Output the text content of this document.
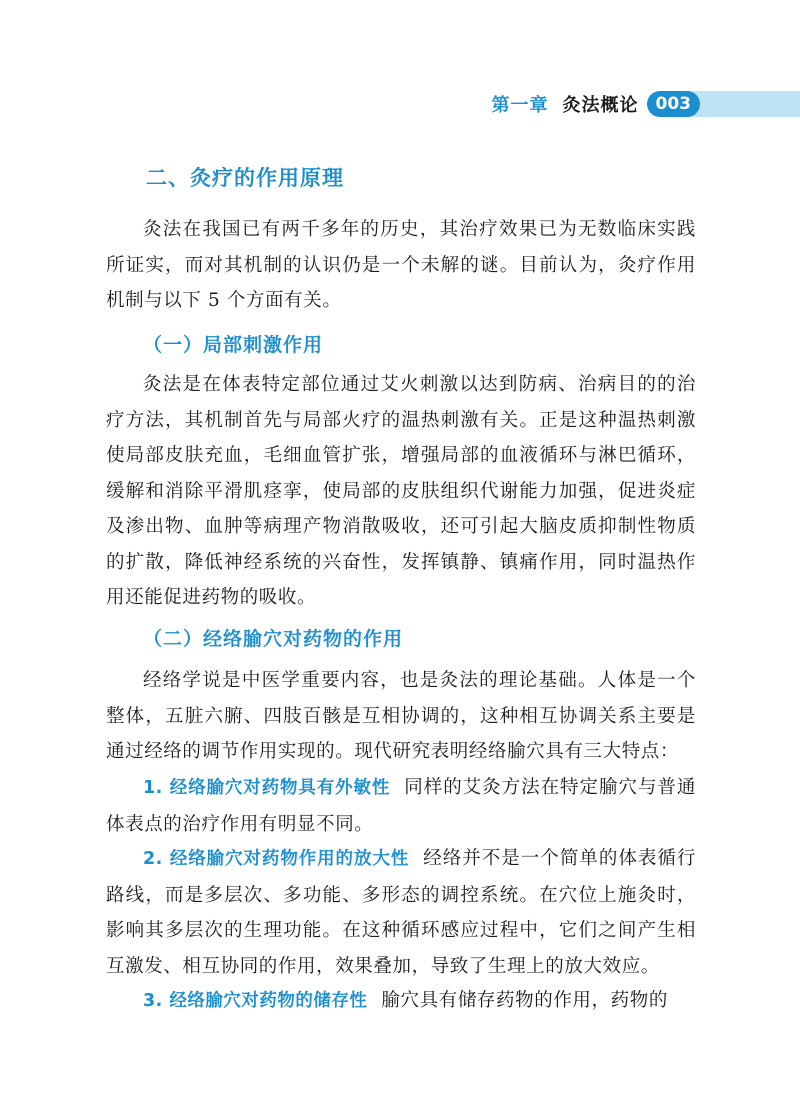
第一章 灸法概论	003
二、灸疗的作用原理

灸法在我国已有两千多年的历史，其治疗效果已为无数临床实践所证实，而对其机制的认识仍是一个未解的谜。目前认为，灸疗作用机制与以下 5 个方面有关。

（一）局部刺激作用

灸法是在体表特定部位通过艾火刺激以达到防病、治病目的的治疗方法，其机制首先与局部火疗的温热刺激有关。正是这种温热刺激使局部皮肤充血，毛细血管扩张，增强局部的血液循环与淋巴循环，缓解和消除平滑肌痉挛，使局部的皮肤组织代谢能力加强，促进炎症及渗出物、血肿等病理产物消散吸收，还可引起大脑皮质抑制性物质的扩散，降低神经系统的兴奋性，发挥镇静、镇痛作用，同时温热作用还能促进药物的吸收。

（二）经络腧穴对药物的作用

经络学说是中医学重要内容，也是灸法的理论基础。人体是一个整体，五脏六腑、四肢百骸是互相协调的，这种相互协调关系主要是通过经络的调节作用实现的。现代研究表明经络腧穴具有三大特点：

1. 经络腧穴对药物具有外敏性 同样的艾灸方法在特定腧穴与普通体表点的治疗作用有明显不同。

2. 经络腧穴对药物作用的放大性 经络并不是一个简单的体表循行路线，而是多层次、多功能、多形态的调控系统。在穴位上施灸时，影响其多层次的生理功能。在这种循环感应过程中，它们之间产生相互激发、相互协同的作用，效果叠加，导致了生理上的放大效应。

3. 经络腧穴对药物的储存性 腧穴具有储存药物的作用，药物的
